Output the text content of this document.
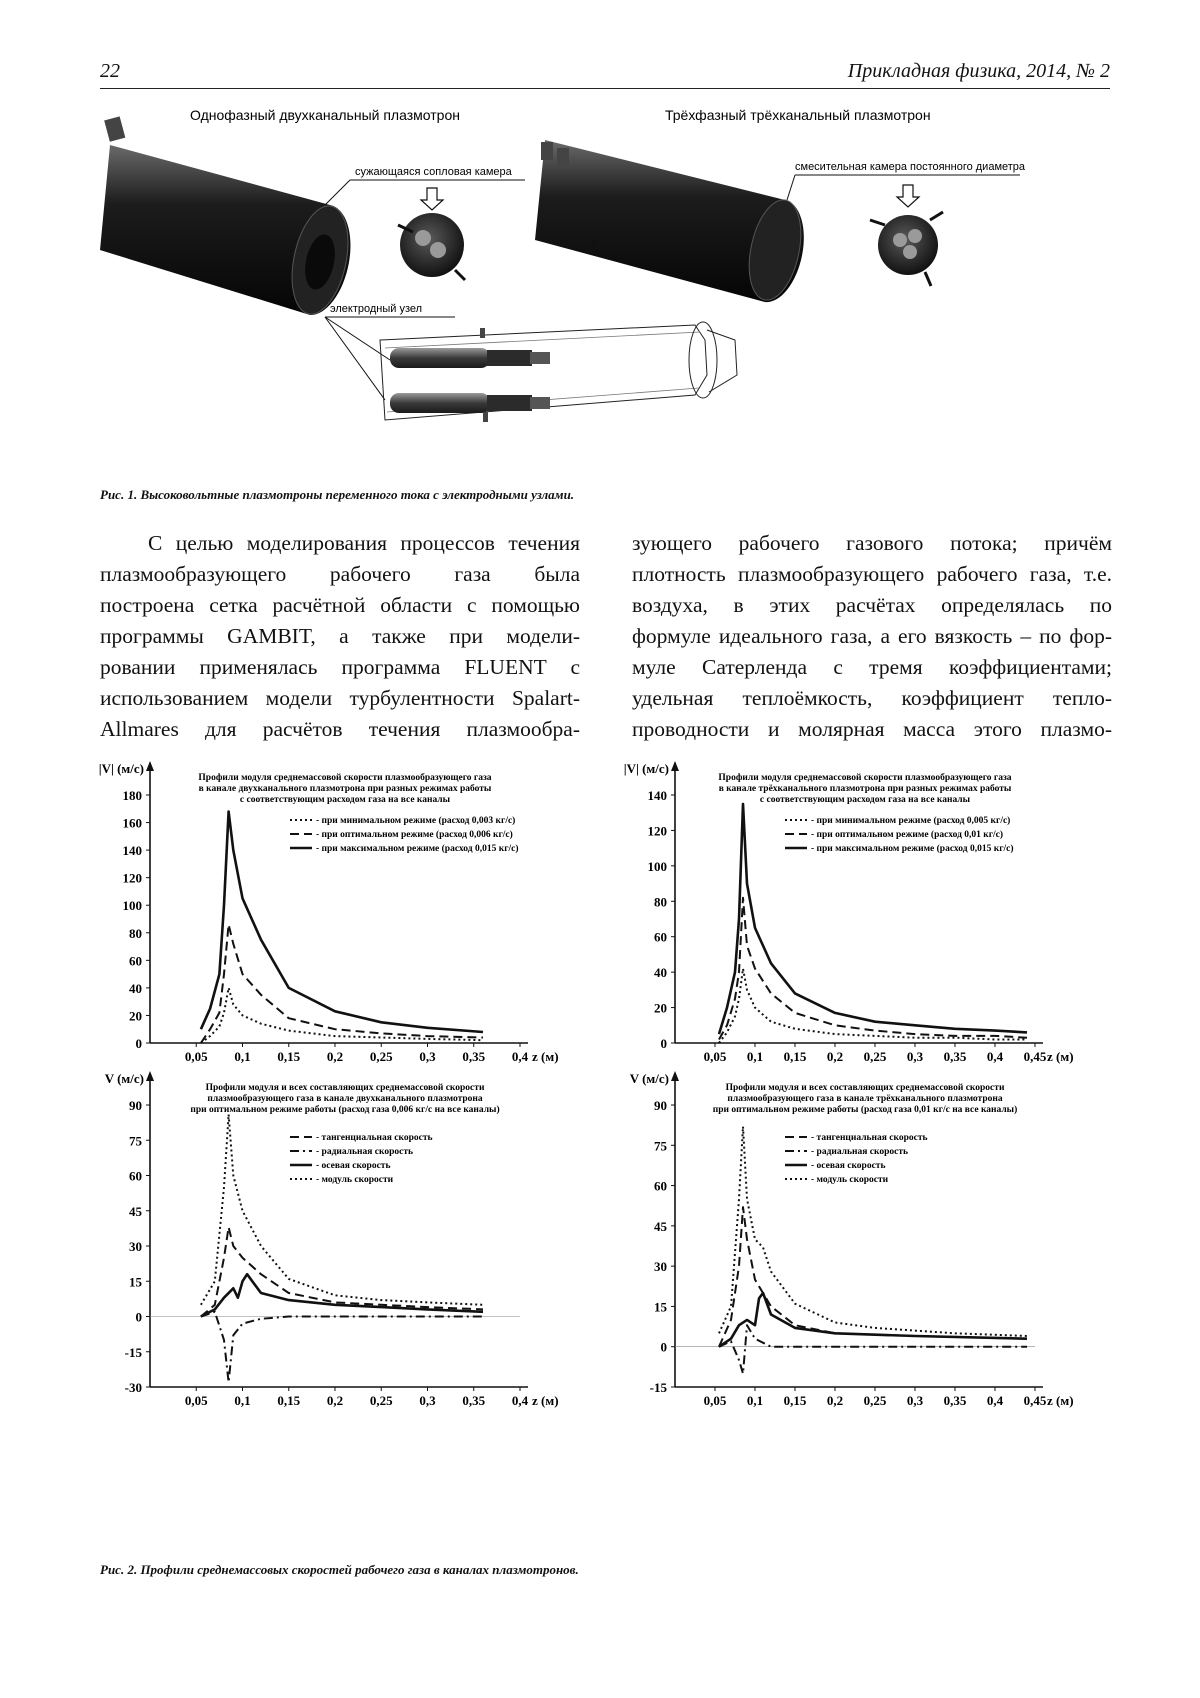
22	Прикладная физика, 2014, № 2
Однофазный двухканальный плазмотрон	Трёхфазный трёхканальный плазмотрон
сужающаяся сопловая камера	смесительная камера постоянного диаметра
электродный узел
Рис. 1. Высоковольтные плазмотроны переменного тока с электродными узлами.
С целью моделирования процессов течения
плазмообразующего рабочего газа была
построена сетка расчётной области с помощью
программы GAMBIT, а также при модели-
ровании применялась программа FLUENT с
использованием модели турбулентности Spalart-
Allmares для расчётов течения плазмообра-
зующего рабочего газового потока; причём
плотность плазмообразующего рабочего газа, т.е.
воздуха, в этих расчётах определялась по
формуле идеального газа, а его вязкость – по фор-
муле Сатерленда с тремя коэффициентами;
удельная теплоёмкость, коэффициент тепло-
проводности и молярная масса этого плазмо-
|V| (м/с)
z (м)
0
20
40
60
80
100
120
140
160
180
0,05 0,1 0,15 0,2 0,25 0,3 0,35 0,4
Профили модуля среднемассовой скорости плазмообразующего газа
в канале двухканального плазмотрона при разных режимах работы
с соответствующим расходом газа на все каналы
- при минимальном режиме (расход 0,003 кг/с)
- при оптимальном режиме (расход 0,006 кг/с)
- при максимальном режиме (расход 0,015 кг/с)
|V| (м/с)
z (м)
0
20
40
60
80
100
120
140
0,05 0,1 0,15 0,2 0,25 0,3 0,35 0,4 0,45
Профили модуля среднемассовой скорости плазмообразующего газа
в канале трёхканального плазмотрона при разных режимах работы
с соответствующим расходом газа на все каналы
- при минимальном режиме (расход 0,005 кг/с)
- при оптимальном режиме (расход 0,01 кг/с)
- при максимальном режиме (расход 0,015 кг/с)
V (м/с)
z (м)
-30
-15
0
15
30
45
60
75
90
0,05 0,1 0,15 0,2 0,25 0,3 0,35 0,4
Профили модуля и всех составляющих среднемассовой скорости
плазмообразующего газа в канале двухканального плазмотрона
при оптимальном режиме работы (расход газа 0,006 кг/с на все каналы)
- тангенциальная скорость
- радиальная скорость
- осевая скорость
- модуль скорости
V (м/с)
z (м)
-15
0
15
30
45
60
75
90
0,05 0,1 0,15 0,2 0,25 0,3 0,35 0,4 0,45
Профили модуля и всех составляющих среднемассовой скорости
плазмообразующего газа в канале трёхканального плазмотрона
при оптимальном режиме работы (расход газа 0,01 кг/с на все каналы)
- тангенциальная скорость
- радиальная скорость
- осевая скорость
- модуль скорости
Рис. 2. Профили среднемассовых скоростей рабочего газа в каналах плазмотронов.
